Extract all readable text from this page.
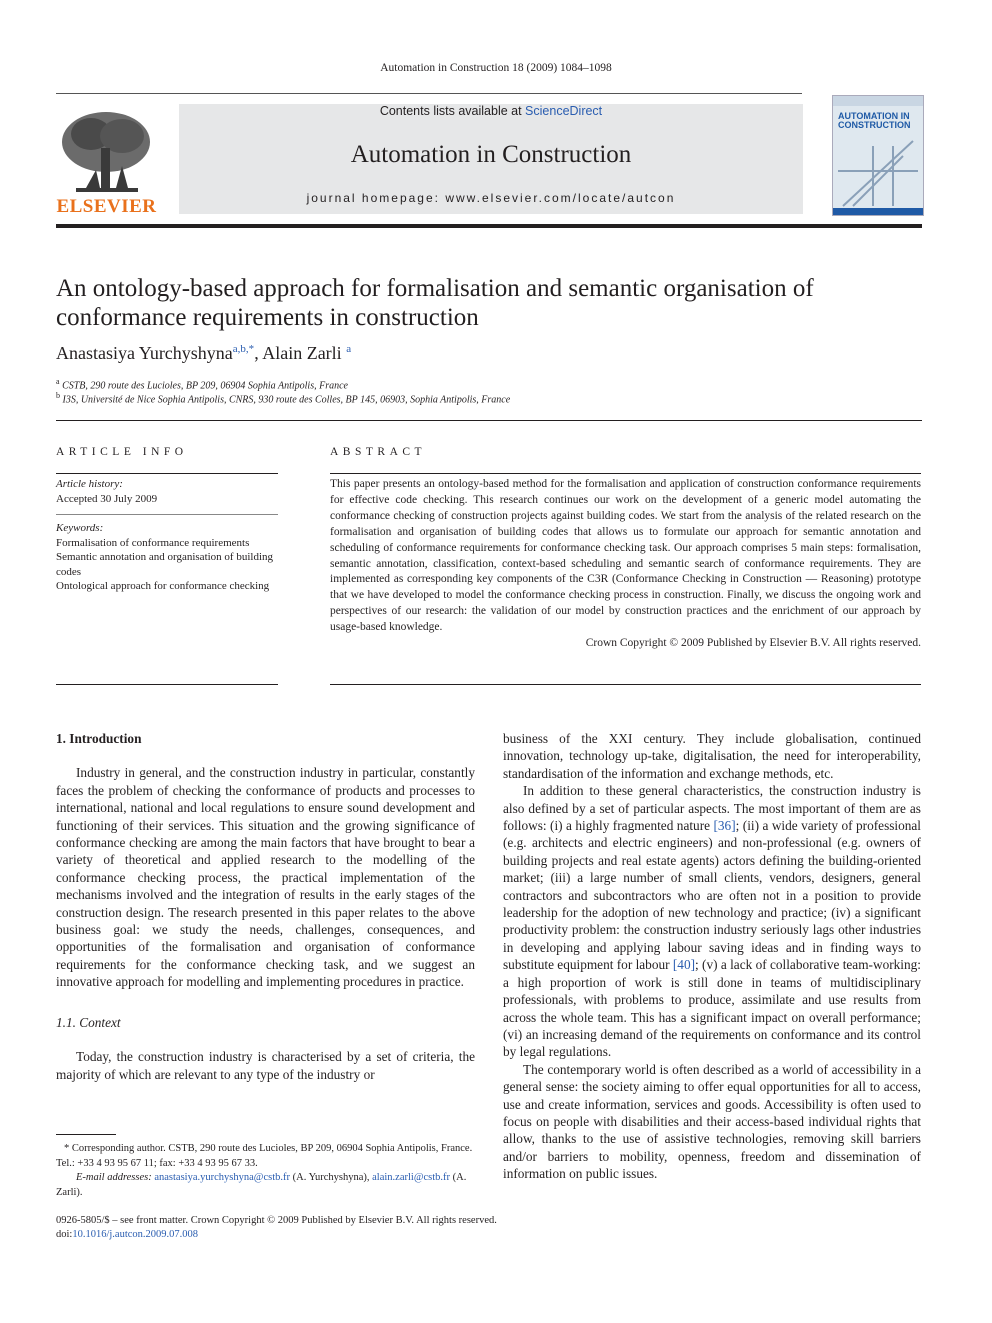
Automation in Construction 18 (2009) 1084–1098
ELSEVIER
Contents lists available at ScienceDirect
Automation in Construction
journal homepage: www.elsevier.com/locate/autcon
AUTOMATION IN CONSTRUCTION
An ontology-based approach for formalisation and semantic organisation of conformance requirements in construction
Anastasiya Yurchyshyna$^{a,b,*}$, Alain Zarli $^a$
$^a$ CSTB, 290 route des Lucioles, BP 209, 06904 Sophia Antipolis, France
$^b$ I3S, Université de Nice Sophia Antipolis, CNRS, 930 route des Colles, BP 145, 06903, Sophia Antipolis, France
ARTICLE INFO
Article history:
Accepted 30 July 2009
Keywords:
Formalisation of conformance requirements
Semantic annotation and organisation of building codes
Ontological approach for conformance checking
ABSTRACT
This paper presents an ontology-based method for the formalisation and application of construction conformance requirements for effective code checking. This research continues our work on the development of a generic model automating the conformance checking of construction projects against building codes. We start from the analysis of the related research on the formalisation and organisation of building codes that allows us to formulate our approach for semantic annotation and scheduling of conformance requirements for conformance checking task. Our approach comprises 5 main steps: formalisation, semantic annotation, classification, context-based scheduling and semantic search of conformance requirements. They are implemented as corresponding key components of the C3R (Conformance Checking in Construction — Reasoning) prototype that we have developed to model the conformance checking process in construction. Finally, we discuss the ongoing work and perspectives of our research: the validation of our model by construction practices and the enrichment of our approach by usage-based knowledge.
Crown Copyright © 2009 Published by Elsevier B.V. All rights reserved.

1. Introduction

Industry in general, and the construction industry in particular, constantly faces the problem of checking the conformance of products and processes to international, national and local regulations to ensure sound development and functioning of their services. This situation and the growing significance of conformance checking are among the main factors that have brought to bear a variety of theoretical and applied research to the modelling of the conformance checking process, the practical implementation of the mechanisms involved and the integration of results in the early stages of the construction design. The research presented in this paper relates to the above business goal: we study the needs, challenges, consequences, and opportunities of the formalisation and organisation of conformance requirements for the conformance checking task, and we suggest an innovative approach for modelling and implementing procedures in practice.

1.1. Context

Today, the construction industry is characterised by a set of criteria, the majority of which are relevant to any type of the industry or

business of the XXI century. They include globalisation, continued innovation, technology up-take, digitalisation, the need for interoperability, standardisation of the information and exchange methods, etc.

In addition to these general characteristics, the construction industry is also defined by a set of particular aspects. The most important of them are as follows: (i) a highly fragmented nature [36]; (ii) a wide variety of professional (e.g. architects and electric engineers) and non-professional (e.g. owners of building projects and real estate agents) actors defining the building-oriented market; (iii) a large number of small clients, vendors, designers, general contractors and subcontractors who are often not in a position to provide leadership for the adoption of new technology and practice; (iv) a significant productivity problem: the construction industry seriously lags other industries in developing and applying labour saving ideas and in finding ways to substitute equipment for labour [40]; (v) a lack of collaborative team-working: a high proportion of work is still done in teams of multidisciplinary professionals, with problems to produce, assimilate and use results from across the whole team. This has a significant impact on overall performance; (vi) an increasing demand of the requirements on conformance and its control by legal regulations.

The contemporary world is often described as a world of accessibility in a general sense: the society aiming to offer equal opportunities for all to access, use and create information, services and goods. Accessibility is often used to focus on people with disabilities and their access-based individual rights that allow, thanks to the use of assistive technologies, removing skill barriers and/or barriers to mobility, openness, freedom and dissemination of information on public issues.

* Corresponding author. CSTB, 290 route des Lucioles, BP 209, 06904 Sophia Antipolis, France. Tel.: +33 4 93 95 67 11; fax: +33 4 93 95 67 33.
E-mail addresses: anastasiya.yurchyshyna@cstb.fr (A. Yurchyshyna), alain.zarli@cstb.fr (A. Zarli).
0926-5805/$ – see front matter. Crown Copyright © 2009 Published by Elsevier B.V. All rights reserved.
doi:10.1016/j.autcon.2009.07.008
